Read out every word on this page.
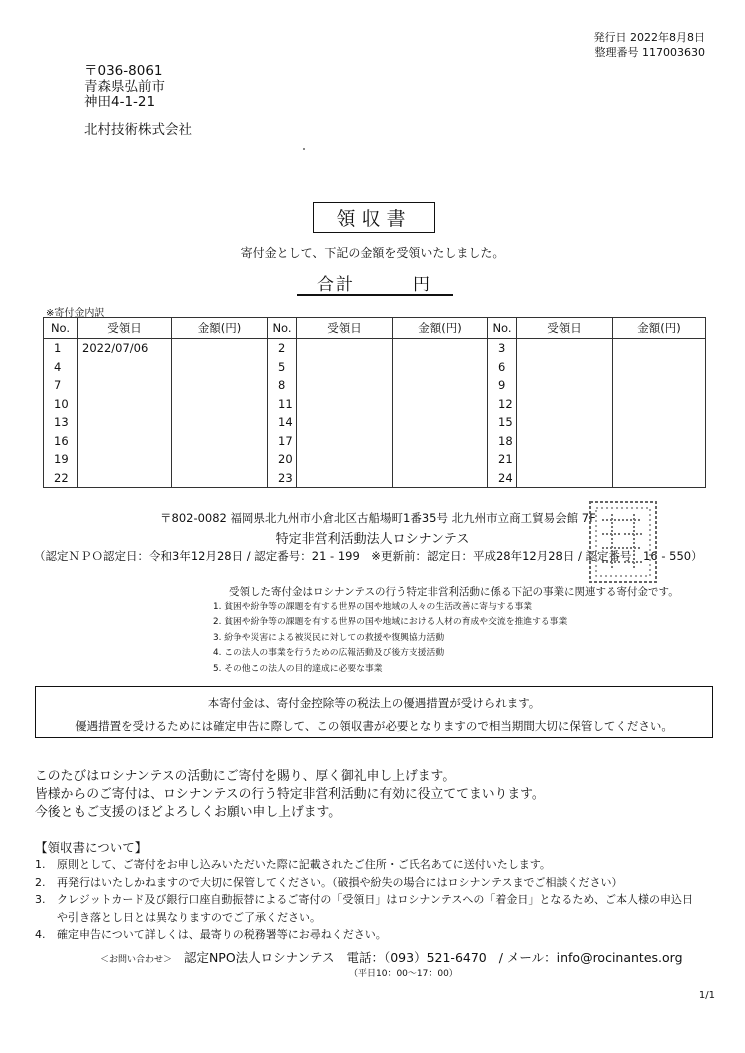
発行日 2022年8月8日
整理番号 117003630
〒036-8061
青森県弘前市
神田4-1-21
北村技術株式会社
領収書
寄付金として、下記の金額を受領いたしました。
合計	円
※寄付金内訳
No.	受領日	金額(円)	No.	受領日	金額(円)	No.	受領日	金額(円)
1	2022/07/06		2			3		
4			5			6		
7			8			9		
10			11			12		
13			14			15		
16			17			18		
19			20			21		
22			23			24		
〒802-0082 福岡県北九州市小倉北区古船場町1番35号 北九州市立商工貿易会館 7F
特定非営利活動法人ロシナンテス
（認定ＮＰＯ認定日：令和3年12月28日 / 認定番号：21 - 199　※更新前：認定日：平成28年12月28日 / 認定番号：16 - 550）
受領した寄付金はロシナンテスの行う特定非営利活動に係る下記の事業に関連する寄付金です。
1. 貧困や紛争等の課題を有する世界の国や地域の人々の生活改善に寄与する事業
2. 貧困や紛争等の課題を有する世界の国や地域における人材の育成や交流を推進する事業
3. 紛争や災害による被災民に対しての救援や復興協力活動
4. この法人の事業を行うための広報活動及び後方支援活動
5. その他この法人の目的達成に必要な事業
本寄付金は、寄付金控除等の税法上の優遇措置が受けられます。
優遇措置を受けるためには確定申告に際して、この領収書が必要となりますので相当期間大切に保管してください。
このたびはロシナンテスの活動にご寄付を賜り、厚く御礼申し上げます。
皆様からのご寄付は、ロシナンテスの行う特定非営利活動に有効に役立ててまいります。
今後ともご支援のほどよろしくお願い申し上げます。
【領収書について】
1.	原則として、ご寄付をお申し込みいただいた際に記載されたご住所・ご氏名あてに送付いたします。
2.	再発行はいたしかねますので大切に保管してください。（破損や紛失の場合にはロシナンテスまでご相談ください）
3.	クレジットカード及び銀行口座自動振替によるご寄付の「受領日」はロシナンテスへの「着金日」となるため、ご本人様の申込日や引き落とし日とは異なりますのでご了承ください。
4.	確定申告について詳しくは、最寄りの税務署等にお尋ねください。
＜お問い合わせ＞ 認定NPO法人ロシナンテス 電話：（093）521-6470 / メール：info@rocinantes.org
（平日10：00～17：00）
1/1
